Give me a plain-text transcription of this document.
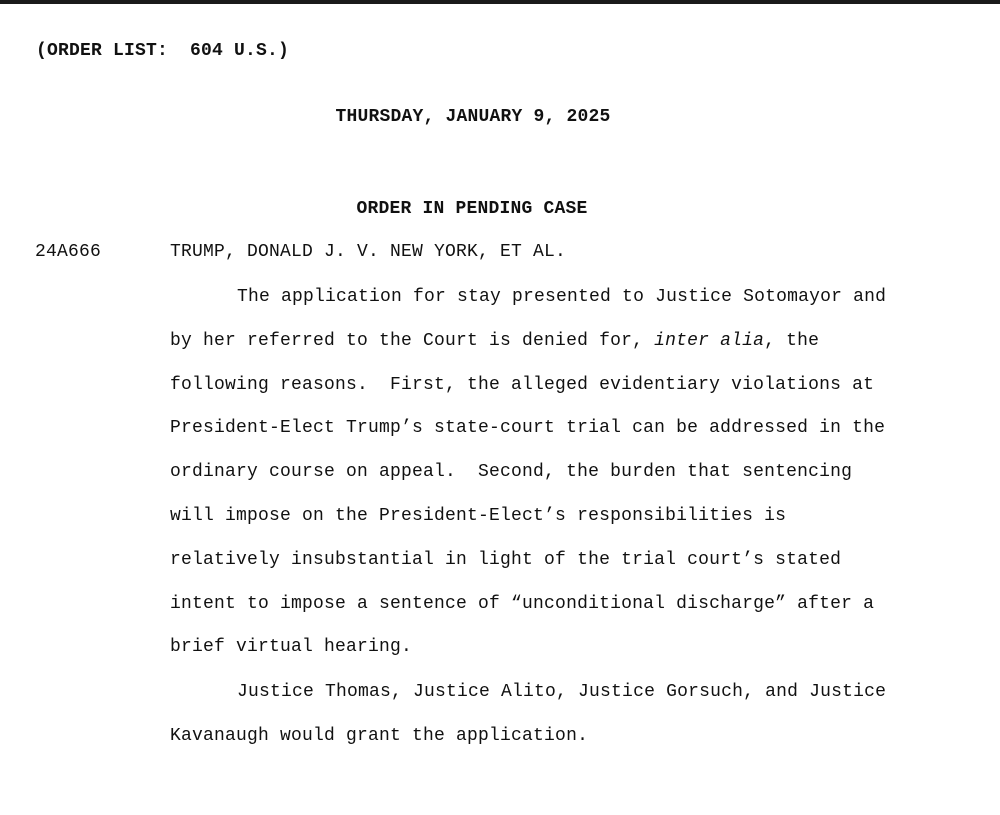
(ORDER LIST:  604 U.S.)
THURSDAY, JANUARY 9, 2025
ORDER IN PENDING CASE
24A666	TRUMP, DONALD J. V. NEW YORK, ET AL.
The application for stay presented to Justice Sotomayor and
by her referred to the Court is denied for, inter alia, the
following reasons.  First, the alleged evidentiary violations at
President-Elect Trump’s state-court trial can be addressed in the
ordinary course on appeal.  Second, the burden that sentencing
will impose on the President-Elect’s responsibilities is
relatively insubstantial in light of the trial court’s stated
intent to impose a sentence of “unconditional discharge” after a
brief virtual hearing.
Justice Thomas, Justice Alito, Justice Gorsuch, and Justice
Kavanaugh would grant the application.
